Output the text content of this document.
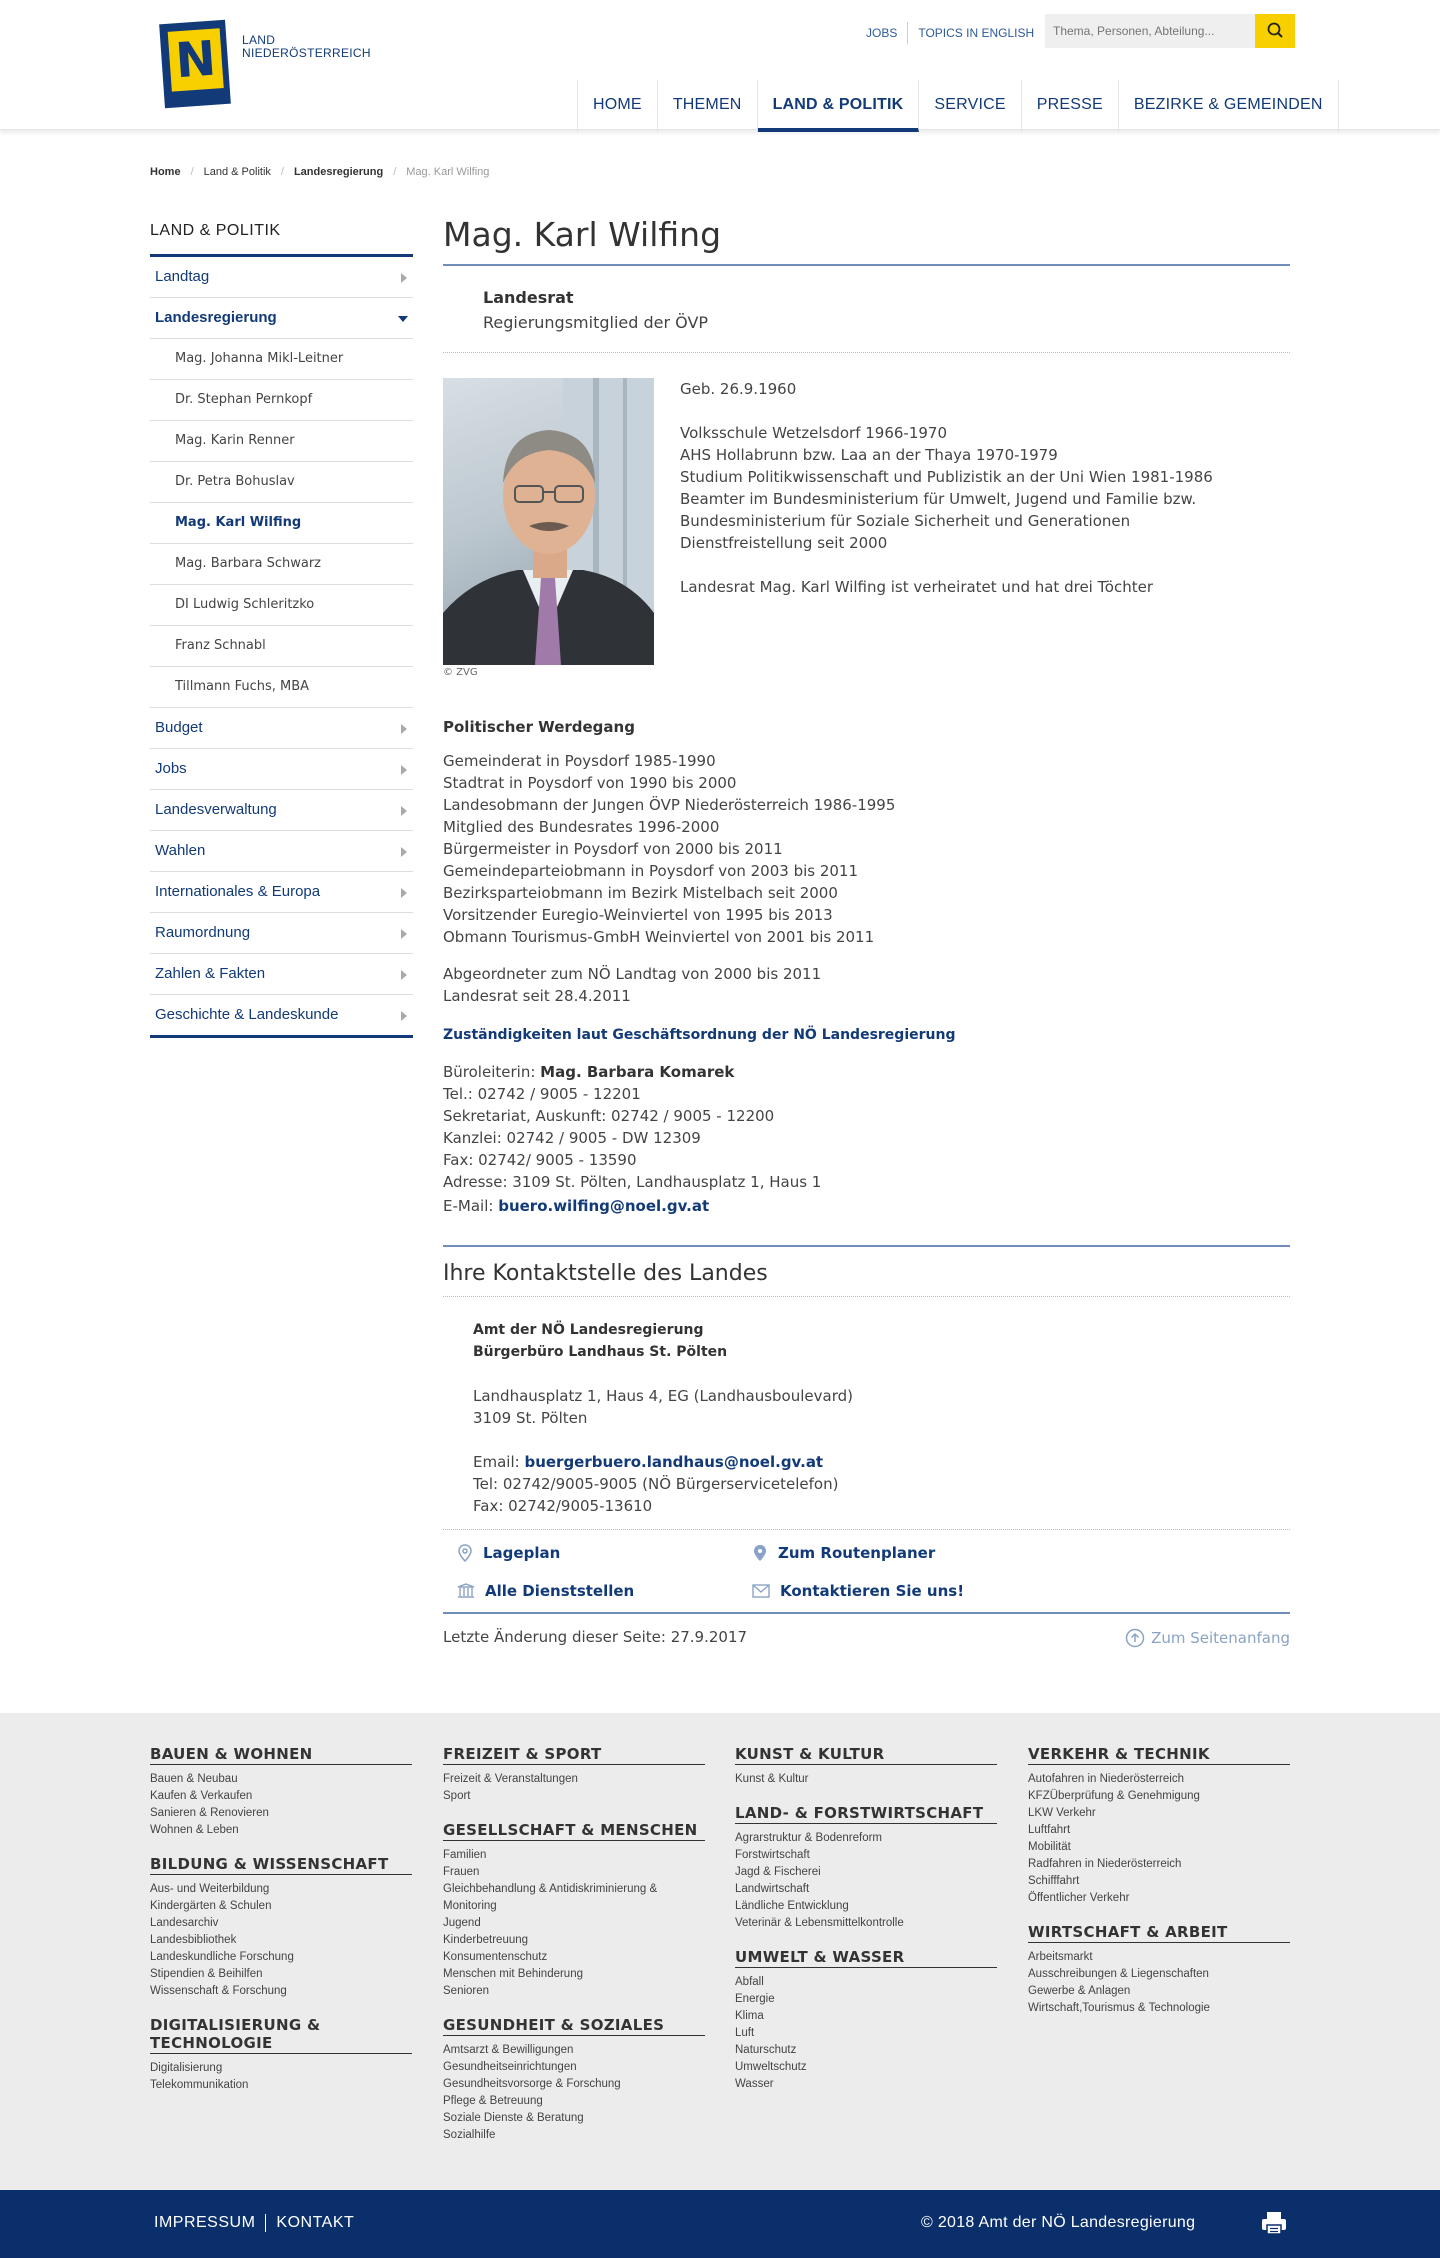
N	LAND
NIEDERÖSTERREICH
JOBS	TOPICS IN ENGLISH
Thema, Personen, Abteilung...
HOME	THEMEN	LAND & POLITIK	SERVICE	PRESSE	BEZIRKE & GEMEINDEN
Home / Land & Politik / Landesregierung / Mag. Karl Wilfing
LAND & POLITIK
Landtag
Landesregierung
Mag. Johanna Mikl-Leitner
Dr. Stephan Pernkopf
Mag. Karin Renner
Dr. Petra Bohuslav
Mag. Karl Wilfing
Mag. Barbara Schwarz
DI Ludwig Schleritzko
Franz Schnabl
Tillmann Fuchs, MBA
Budget
Jobs
Landesverwaltung
Wahlen
Internationales & Europa
Raumordnung
Zahlen & Fakten
Geschichte & Landeskunde
Mag. Karl Wilfing
Landesrat
Regierungsmitglied der ÖVP
© ZVG
Geb. 26.9.1960
Volksschule Wetzelsdorf 1966-1970
AHS Hollabrunn bzw. Laa an der Thaya 1970-1979
Studium Politikwissenschaft und Publizistik an der Uni Wien 1981-1986
Beamter im Bundesministerium für Umwelt, Jugend und Familie bzw.
Bundesministerium für Soziale Sicherheit und Generationen
Dienstfreistellung seit 2000
Landesrat Mag. Karl Wilfing ist verheiratet und hat drei Töchter
Politischer Werdegang
Gemeinderat in Poysdorf 1985-1990
Stadtrat in Poysdorf von 1990 bis 2000
Landesobmann der Jungen ÖVP Niederösterreich 1986-1995
Mitglied des Bundesrates 1996-2000
Bürgermeister in Poysdorf von 2000 bis 2011
Gemeindeparteiobmann in Poysdorf von 2003 bis 2011
Bezirksparteiobmann im Bezirk Mistelbach seit 2000
Vorsitzender Euregio-Weinviertel von 1995 bis 2013
Obmann Tourismus-GmbH Weinviertel von 2001 bis 2011
Abgeordneter zum NÖ Landtag von 2000 bis 2011
Landesrat seit 28.4.2011
Zuständigkeiten laut Geschäftsordnung der NÖ Landesregierung
Büroleiterin: Mag. Barbara Komarek
Tel.: 02742 / 9005 - 12201
Sekretariat, Auskunft: 02742 / 9005 - 12200
Kanzlei: 02742 / 9005 - DW 12309
Fax: 02742/ 9005 - 13590
Adresse: 3109 St. Pölten, Landhausplatz 1, Haus 1
E-Mail: buero.wilfing@noel.gv.at
Ihre Kontaktstelle des Landes
Amt der NÖ Landesregierung
Bürgerbüro Landhaus St. Pölten
Landhausplatz 1, Haus 4, EG (Landhausboulevard)
3109 St. Pölten
Email: buergerbuero.landhaus@noel.gv.at
Tel: 02742/9005-9005 (NÖ Bürgerservicetelefon)
Fax: 02742/9005-13610
Lageplan	Zum Routenplaner
Alle Dienststellen	Kontaktieren Sie uns!
Letzte Änderung dieser Seite: 27.9.2017	Zum Seitenanfang
BAUEN & WOHNEN
Bauen & Neubau
Kaufen & Verkaufen
Sanieren & Renovieren
Wohnen & Leben
BILDUNG & WISSENSCHAFT
Aus- und Weiterbildung
Kindergärten & Schulen
Landesarchiv
Landesbibliothek
Landeskundliche Forschung
Stipendien & Beihilfen
Wissenschaft & Forschung
DIGITALISIERUNG & TECHNOLOGIE
Digitalisierung
Telekommunikation
FREIZEIT & SPORT
Freizeit & Veranstaltungen
Sport
GESELLSCHAFT & MENSCHEN
Familien
Frauen
Gleichbehandlung & Antidiskriminierung & Monitoring
Jugend
Kinderbetreuung
Konsumentenschutz
Menschen mit Behinderung
Senioren
GESUNDHEIT & SOZIALES
Amtsarzt & Bewilligungen
Gesundheitseinrichtungen
Gesundheitsvorsorge & Forschung
Pflege & Betreuung
Soziale Dienste & Beratung
Sozialhilfe
KUNST & KULTUR
Kunst & Kultur
LAND- & FORSTWIRTSCHAFT
Agrarstruktur & Bodenreform
Forstwirtschaft
Jagd & Fischerei
Landwirtschaft
Ländliche Entwicklung
Veterinär & Lebensmittelkontrolle
UMWELT & WASSER
Abfall
Energie
Klima
Luft
Naturschutz
Umweltschutz
Wasser
VERKEHR & TECHNIK
Autofahren in Niederösterreich
KFZÜberprüfung & Genehmigung
LKW Verkehr
Luftfahrt
Mobilität
Radfahren in Niederösterreich
Schifffahrt
Öffentlicher Verkehr
WIRTSCHAFT & ARBEIT
Arbeitsmarkt
Ausschreibungen & Liegenschaften
Gewerbe & Anlagen
Wirtschaft,Tourismus & Technologie
IMPRESSUM	KONTAKT	© 2018 Amt der NÖ Landesregierung
